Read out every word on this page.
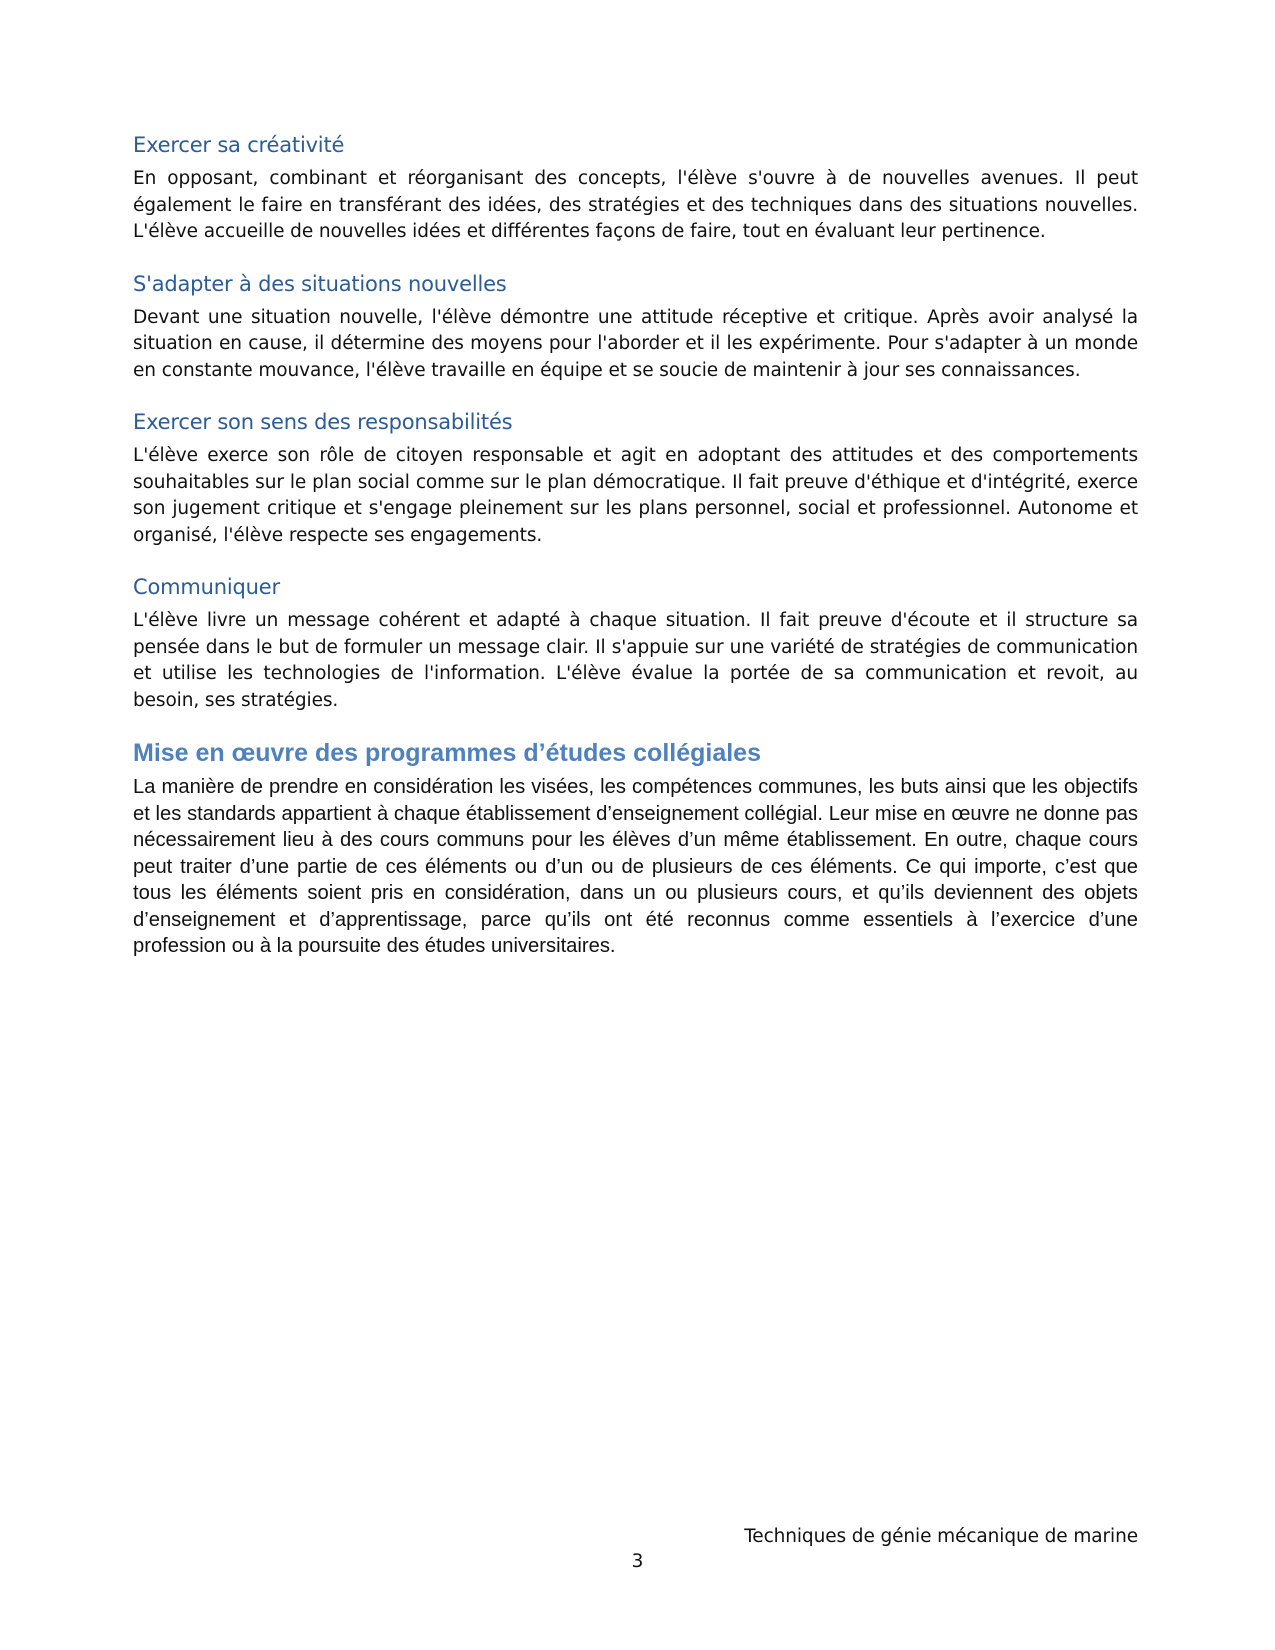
Exercer sa créativité

En opposant, combinant et réorganisant des concepts, l'élève s'ouvre à de nouvelles avenues. Il peut également le faire en transférant des idées, des stratégies et des techniques dans des situations nouvelles. L'élève accueille de nouvelles idées et différentes façons de faire, tout en évaluant leur pertinence.

S'adapter à des situations nouvelles

Devant une situation nouvelle, l'élève démontre une attitude réceptive et critique. Après avoir analysé la situation en cause, il détermine des moyens pour l'aborder et il les expérimente. Pour s'adapter à un monde en constante mouvance, l'élève travaille en équipe et se soucie de maintenir à jour ses connaissances.

Exercer son sens des responsabilités

L'élève exerce son rôle de citoyen responsable et agit en adoptant des attitudes et des comportements souhaitables sur le plan social comme sur le plan démocratique. Il fait preuve d'éthique et d'intégrité, exerce son jugement critique et s'engage pleinement sur les plans personnel, social et professionnel. Autonome et organisé, l'élève respecte ses engagements.

Communiquer

L'élève livre un message cohérent et adapté à chaque situation. Il fait preuve d'écoute et il structure sa pensée dans le but de formuler un message clair. Il s'appuie sur une variété de stratégies de communication et utilise les technologies de l'information. L'élève évalue la portée de sa communication et revoit, au besoin, ses stratégies.

Mise en œuvre des programmes d’études collégiales

La manière de prendre en considération les visées, les compétences communes, les buts ainsi que les objectifs et les standards appartient à chaque établissement d’enseignement collégial. Leur mise en œuvre ne donne pas nécessairement lieu à des cours communs pour les élèves d’un même établissement. En outre, chaque cours peut traiter d’une partie de ces éléments ou d’un ou de plusieurs de ces éléments. Ce qui importe, c’est que tous les éléments soient pris en considération, dans un ou plusieurs cours, et qu’ils deviennent des objets d’enseignement et d’apprentissage, parce qu’ils ont été reconnus comme essentiels à l’exercice d’une profession ou à la poursuite des études universitaires.

Techniques de génie mécanique de marine
3
